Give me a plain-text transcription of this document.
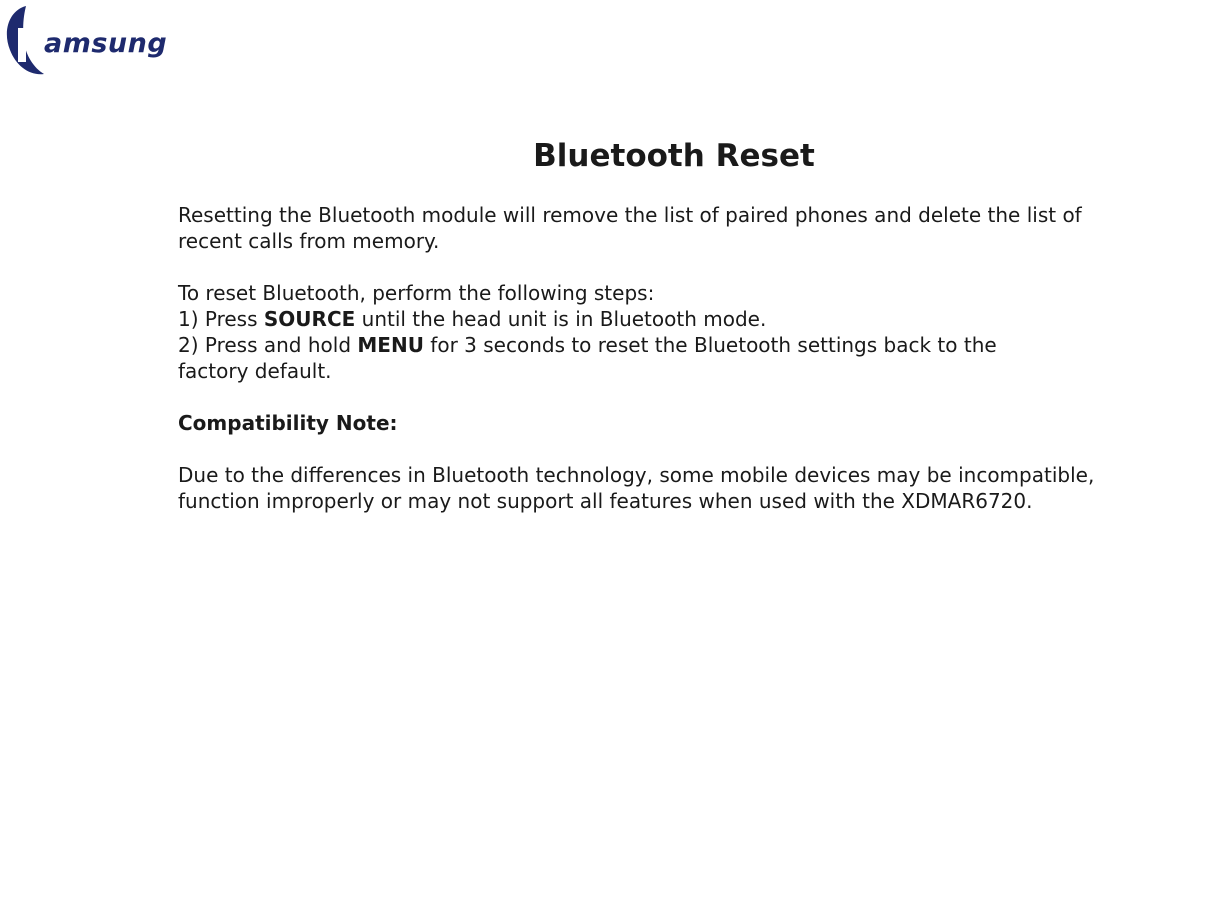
amsung
Bluetooth Reset

Resetting the Bluetooth module will remove the list of paired phones and delete the list of

recent calls from memory.

To reset Bluetooth, perform the following steps:

1) Press SOURCE until the head unit is in Bluetooth mode.

2) Press and hold MENU for 3 seconds to reset the Bluetooth settings back to the

factory default.

Compatibility Note:

Due to the differences in Bluetooth technology, some mobile devices may be incompatible,

function improperly or may not support all features when used with the XDMAR6720.
